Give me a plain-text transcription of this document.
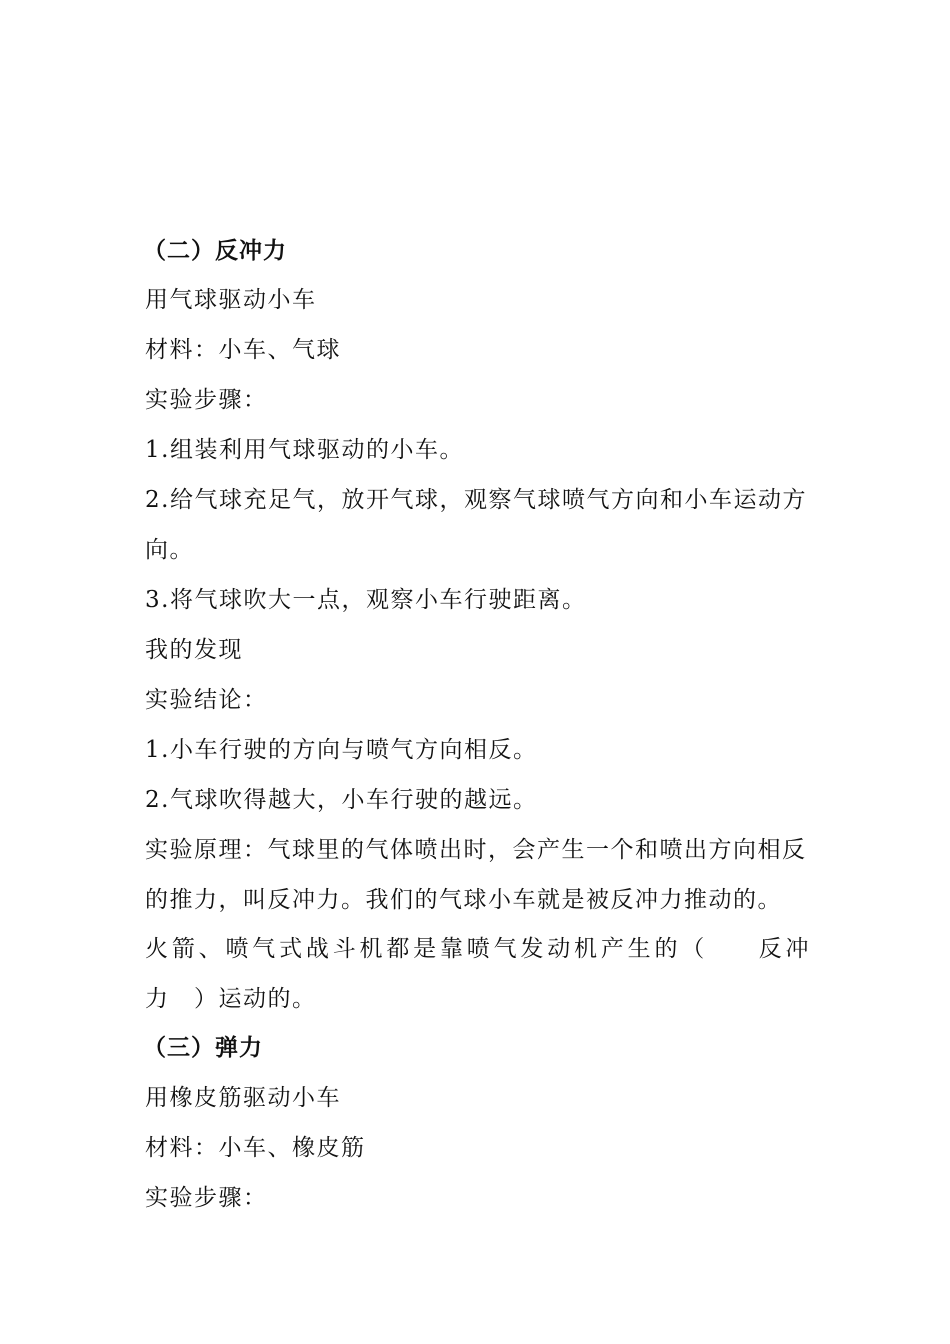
（二）反冲力
用气球驱动小车
材料：小车、气球
实验步骤：
1.组装利用气球驱动的小车。
2.给气球充足气，放开气球，观察气球喷气方向和小车运动方
向。
3.将气球吹大一点，观察小车行驶距离。
我的发现
实验结论：
1.小车行驶的方向与喷气方向相反。
2.气球吹得越大，小车行驶的越远。
实验原理：气球里的气体喷出时，会产生一个和喷出方向相反
的推力，叫反冲力。我们的气球小车就是被反冲力推动的。
火 箭 、 喷 气 式 战 斗 机 都 是 靠 喷 气 发 动 机 产 生 的 （ 反 冲
力　）运动的。
（三）弹力
用橡皮筋驱动小车
材料：小车、橡皮筋
实验步骤：
